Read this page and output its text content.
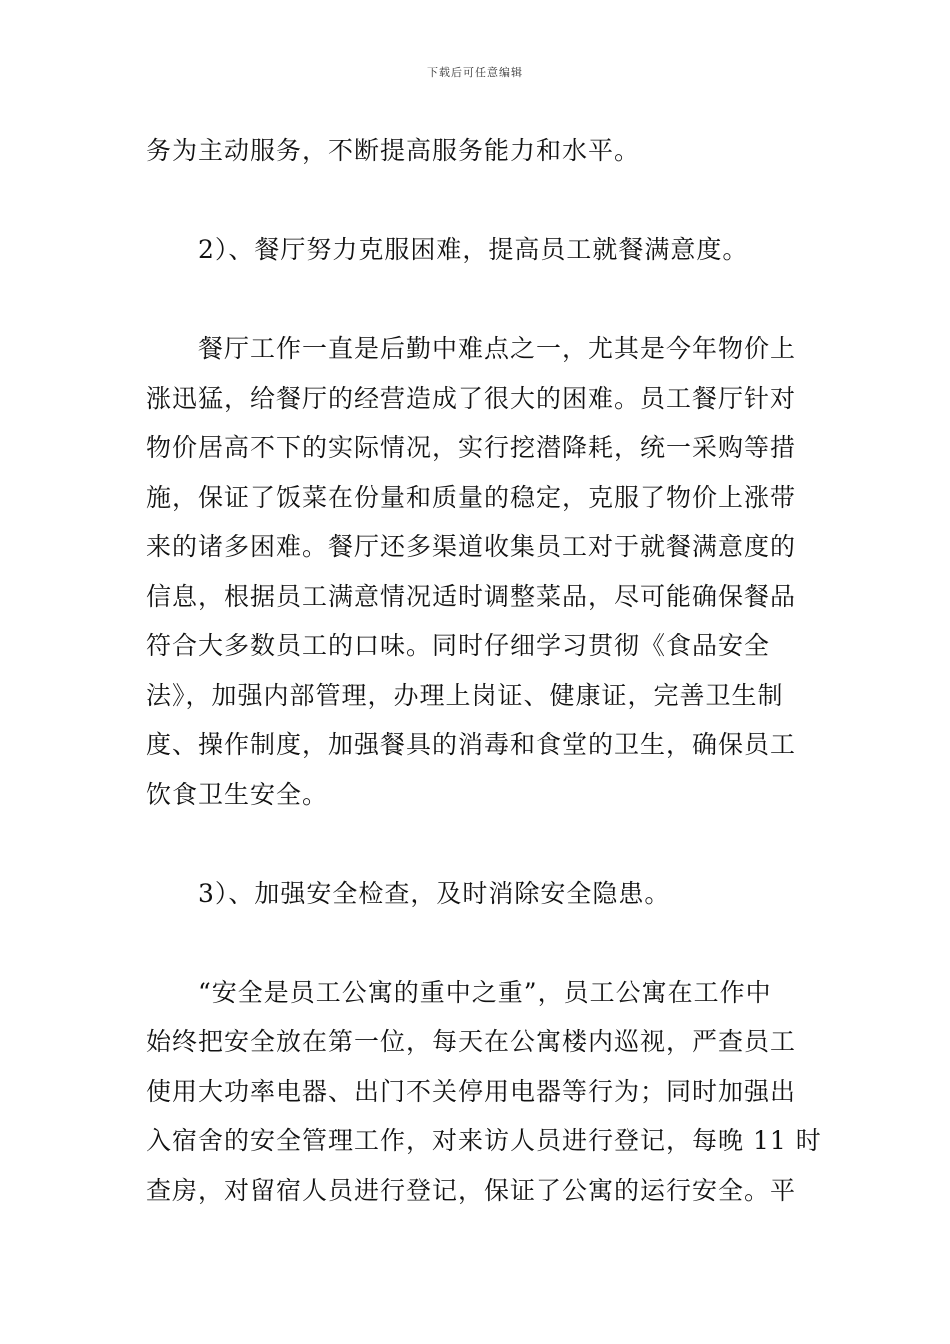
下载后可任意编辑

务为主动服务，不断提高服务能力和水平。

2）、餐厅努力克服困难，提高员工就餐满意度。

餐厅工作一直是后勤中难点之一，尤其是今年物价上
涨迅猛，给餐厅的经营造成了很大的困难。员工餐厅针对
物价居高不下的实际情况，实行挖潜降耗，统一采购等措
施，保证了饭菜在份量和质量的稳定，克服了物价上涨带
来的诸多困难。餐厅还多渠道收集员工对于就餐满意度的
信息，根据员工满意情况适时调整菜品，尽可能确保餐品
符合大多数员工的口味。同时仔细学习贯彻《食品安全
法》，加强内部管理，办理上岗证、健康证，完善卫生制
度、操作制度，加强餐具的消毒和食堂的卫生，确保员工
饮食卫生安全。

3）、加强安全检查，及时消除安全隐患。

“安全是员工公寓的重中之重”，员工公寓在工作中
始终把安全放在第一位，每天在公寓楼内巡视，严查员工
使用大功率电器、出门不关停用电器等行为；同时加强出
入宿舍的安全管理工作，对来访人员进行登记，每晚 11 时
查房，对留宿人员进行登记，保证了公寓的运行安全。平
